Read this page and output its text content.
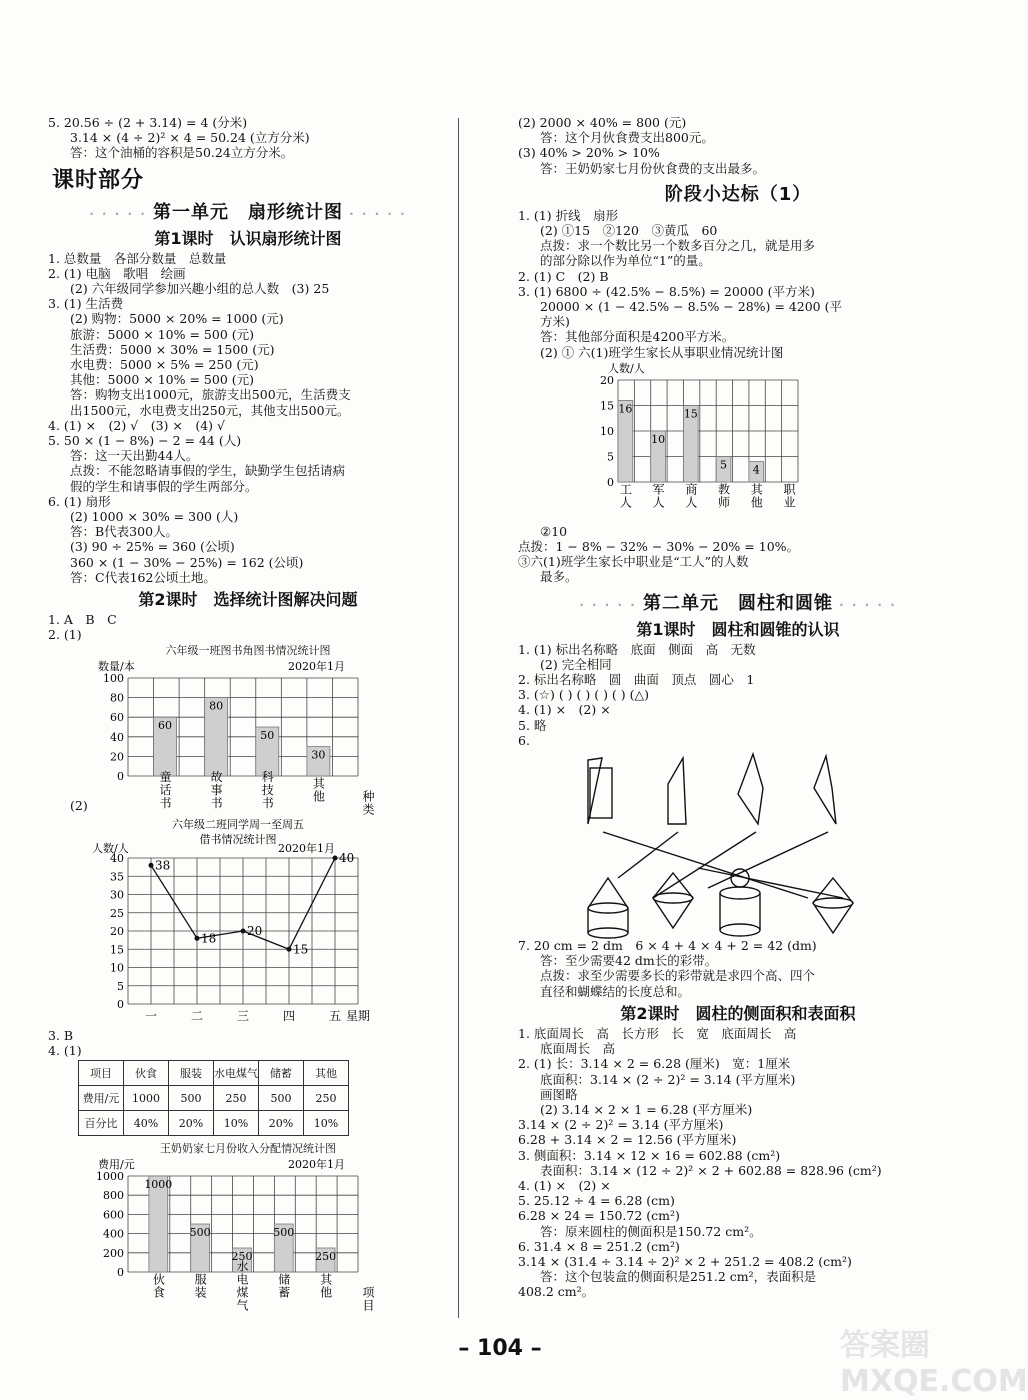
答案圈 MXQE.COM
5. 20.56 ÷ (2 + 3.14) = 4 (分米)
3.14 × (4 ÷ 2)² × 4 = 50.24 (立方分米)
答：这个油桶的容积是50.24立方分米。
课时部分
· · · · · 第一单元　扇形统计图 · · · · ·
第1课时　认识扇形统计图
1. 总数量　各部分数量　总数量
2. (1) 电脑　歌唱　绘画
(2) 六年级同学参加兴趣小组的总人数　(3) 25
3. (1) 生活费
(2) 购物：5000 × 20% = 1000 (元)
旅游：5000 × 10% = 500 (元)
生活费：5000 × 30% = 1500 (元)
水电费：5000 × 5% = 250 (元)
其他：5000 × 10% = 500 (元)
答：购物支出1000元，旅游支出500元，生活费支
出1500元，水电费支出250元，其他支出500元。
4. (1) ×　(2) √　(3) ×　(4) √
5. 50 × (1 − 8%) − 2 = 44 (人)
答：这一天出勤44人。
点拨：不能忽略请事假的学生，缺勤学生包括请病
假的学生和请事假的学生两部分。
6. (1) 扇形
(2) 1000 × 30% = 300 (人)
答：B代表300人。
(3) 90 ÷ 25% = 360 (公顷)
360 × (1 − 30% − 25%) = 162 (公顷)
答：C代表162公顷土地。
第2课时　选择统计图解决问题
1. A　B　C
2. (1)
六年级一班图书角图书情况统计图
0
20
40
60
80
100
数量/本	2020年1月
60
80
50
30
童话书	故事书	科技书	其他	种类
(2)
六年级二班同学周一至周五
借书情况统计图
人数/人	2020年1月
0
5
10
15
20
25
30
35
40	38
18
20
15
40
一	二	三	四	五 星期
3. B
4. (1)
项目	伙食	服装	水电煤气	储蓄	其他
费用/元	1000	500	250	500	250
百分比	40%	20%	10%	20%	10%
王奶奶家七月份收入分配情况统计图
0
200
400
600
800
1000
费用/元	2020年1月
1000
500
250
500
250
伙食 服装 水电煤气 储蓄 其他 项目
(2) 2000 × 40% = 800 (元)
答：这个月伙食费支出800元。
(3) 40% > 20% > 10%
答：王奶奶家七月份伙食费的支出最多。
阶段小达标（1）
1. (1) 折线　扇形
(2) ①15　②120　③黄瓜　60
点拨：求一个数比另一个数多百分之几，就是用多
的部分除以作为单位“1”的量。
2. (1) C　(2) B
3. (1) 6800 ÷ (42.5% − 8.5%) = 20000 (平方米)
20000 × (1 − 42.5% − 8.5% − 28%) = 4200 (平
方米)
答：其他部分面积是4200平方米。
(2) ① 六(1)班学生家长从事职业情况统计图
0
5
10
15
20
人数/人
16
10
15
5 4
工人 军人 商人 教师 其他 职业
②10
点拨：1 − 8% − 32% − 30% − 20% = 10%。
③六(1)班学生家长中职业是“工人”的人数
最多。
· · · · · 第二单元　圆柱和圆锥 · · · · ·
第1课时　圆柱和圆锥的认识
1. (1) 标出名称略　底面　侧面　高　无数
(2) 完全相同
2. 标出名称略　圆　曲面　顶点　圆心　1
3. (☆) ( ) ( ) ( ) ( ) (△)
4. (1) ×　(2) ×
5. 略
6.
7. 20 cm = 2 dm　6 × 4 + 4 × 4 + 2 = 42 (dm)
答：至少需要42 dm长的彩带。
点拨：求至少需要多长的彩带就是求四个高、四个
直径和蝴蝶结的长度总和。
第2课时　圆柱的侧面积和表面积
1. 底面周长　高　长方形　长　宽　底面周长　高
底面周长　高
2. (1) 长：3.14 × 2 = 6.28 (厘米)　宽：1厘米
底面积：3.14 × (2 ÷ 2)² = 3.14 (平方厘米)
画图略
(2) 3.14 × 2 × 1 = 6.28 (平方厘米)
3.14 × (2 ÷ 2)² = 3.14 (平方厘米)
6.28 + 3.14 × 2 = 12.56 (平方厘米)
3. 侧面积：3.14 × 12 × 16 = 602.88 (cm²)
表面积：3.14 × (12 ÷ 2)² × 2 + 602.88 = 828.96 (cm²)
4. (1) ×　(2) ×
5. 25.12 ÷ 4 = 6.28 (cm)
6.28 × 24 = 150.72 (cm²)
答：原来圆柱的侧面积是150.72 cm²。
6. 31.4 × 8 = 251.2 (cm²)
3.14 × (31.4 ÷ 3.14 ÷ 2)² × 2 + 251.2 = 408.2 (cm²)
答：这个包装盒的侧面积是251.2 cm²，表面积是
408.2 cm²。
– 104 –
